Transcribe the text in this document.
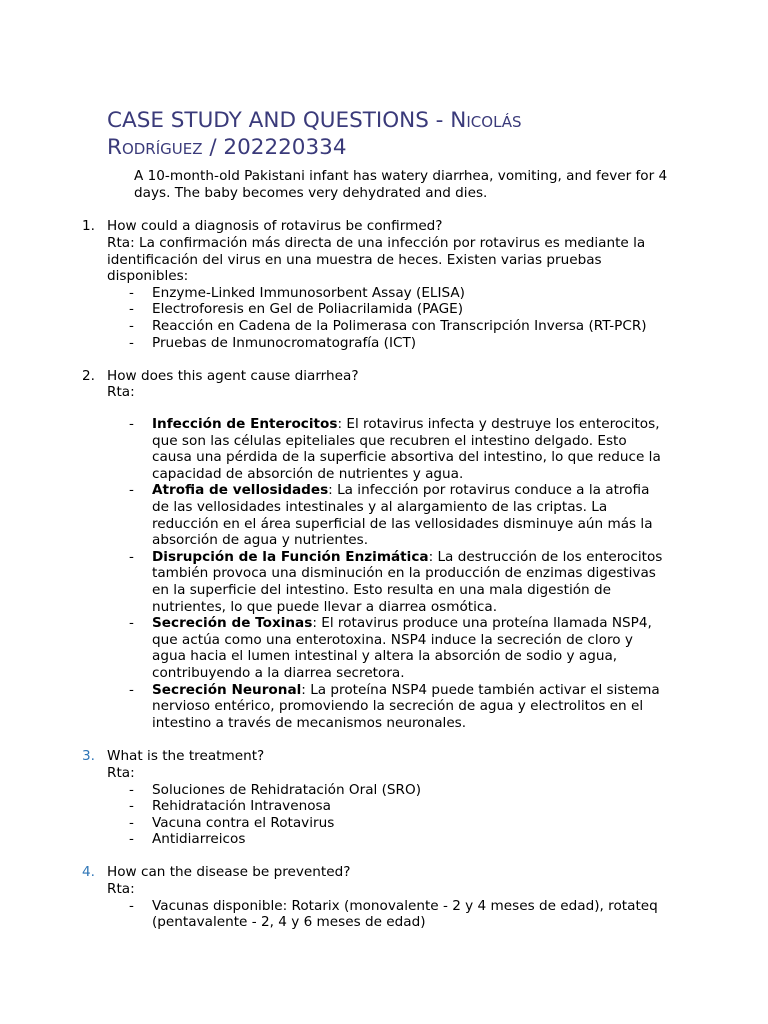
CASE STUDY AND QUESTIONS - Nicolás
Rodríguez / 202220334
A 10-month-old Pakistani infant has watery diarrhea, vomiting, and fever for 4 days. The baby becomes very dehydrated and dies.
1. How could a diagnosis of rotavirus be confirmed?
Rta: La confirmación más directa de una infección por rotavirus es mediante la identificación del virus en una muestra de heces. Existen varias pruebas disponibles:
- Enzyme-Linked Immunosorbent Assay (ELISA)
- Electroforesis en Gel de Poliacrilamida (PAGE)
- Reacción en Cadena de la Polimerasa con Transcripción Inversa (RT-PCR)
- Pruebas de Inmunocromatografía (ICT)
2. How does this agent cause diarrhea?
Rta:
- Infección de Enterocitos: El rotavirus infecta y destruye los enterocitos, que son las células epiteliales que recubren el intestino delgado. Esto causa una pérdida de la superficie absortiva del intestino, lo que reduce la capacidad de absorción de nutrientes y agua.
- Atrofia de vellosidades: La infección por rotavirus conduce a la atrofia de las vellosidades intestinales y al alargamiento de las criptas. La reducción en el área superficial de las vellosidades disminuye aún más la absorción de agua y nutrientes.
- Disrupción de la Función Enzimática: La destrucción de los enterocitos también provoca una disminución en la producción de enzimas digestivas en la superficie del intestino. Esto resulta en una mala digestión de nutrientes, lo que puede llevar a diarrea osmótica.
- Secreción de Toxinas: El rotavirus produce una proteína llamada NSP4, que actúa como una enterotoxina. NSP4 induce la secreción de cloro y agua hacia el lumen intestinal y altera la absorción de sodio y agua, contribuyendo a la diarrea secretora.
- Secreción Neuronal: La proteína NSP4 puede también activar el sistema nervioso entérico, promoviendo la secreción de agua y electrolitos en el intestino a través de mecanismos neuronales.
3. What is the treatment?
Rta:
- Soluciones de Rehidratación Oral (SRO)
- Rehidratación Intravenosa
- Vacuna contra el Rotavirus
- Antidiarreicos
4. How can the disease be prevented?
Rta:
- Vacunas disponible: Rotarix (monovalente - 2 y 4 meses de edad), rotateq (pentavalente - 2, 4 y 6 meses de edad)
